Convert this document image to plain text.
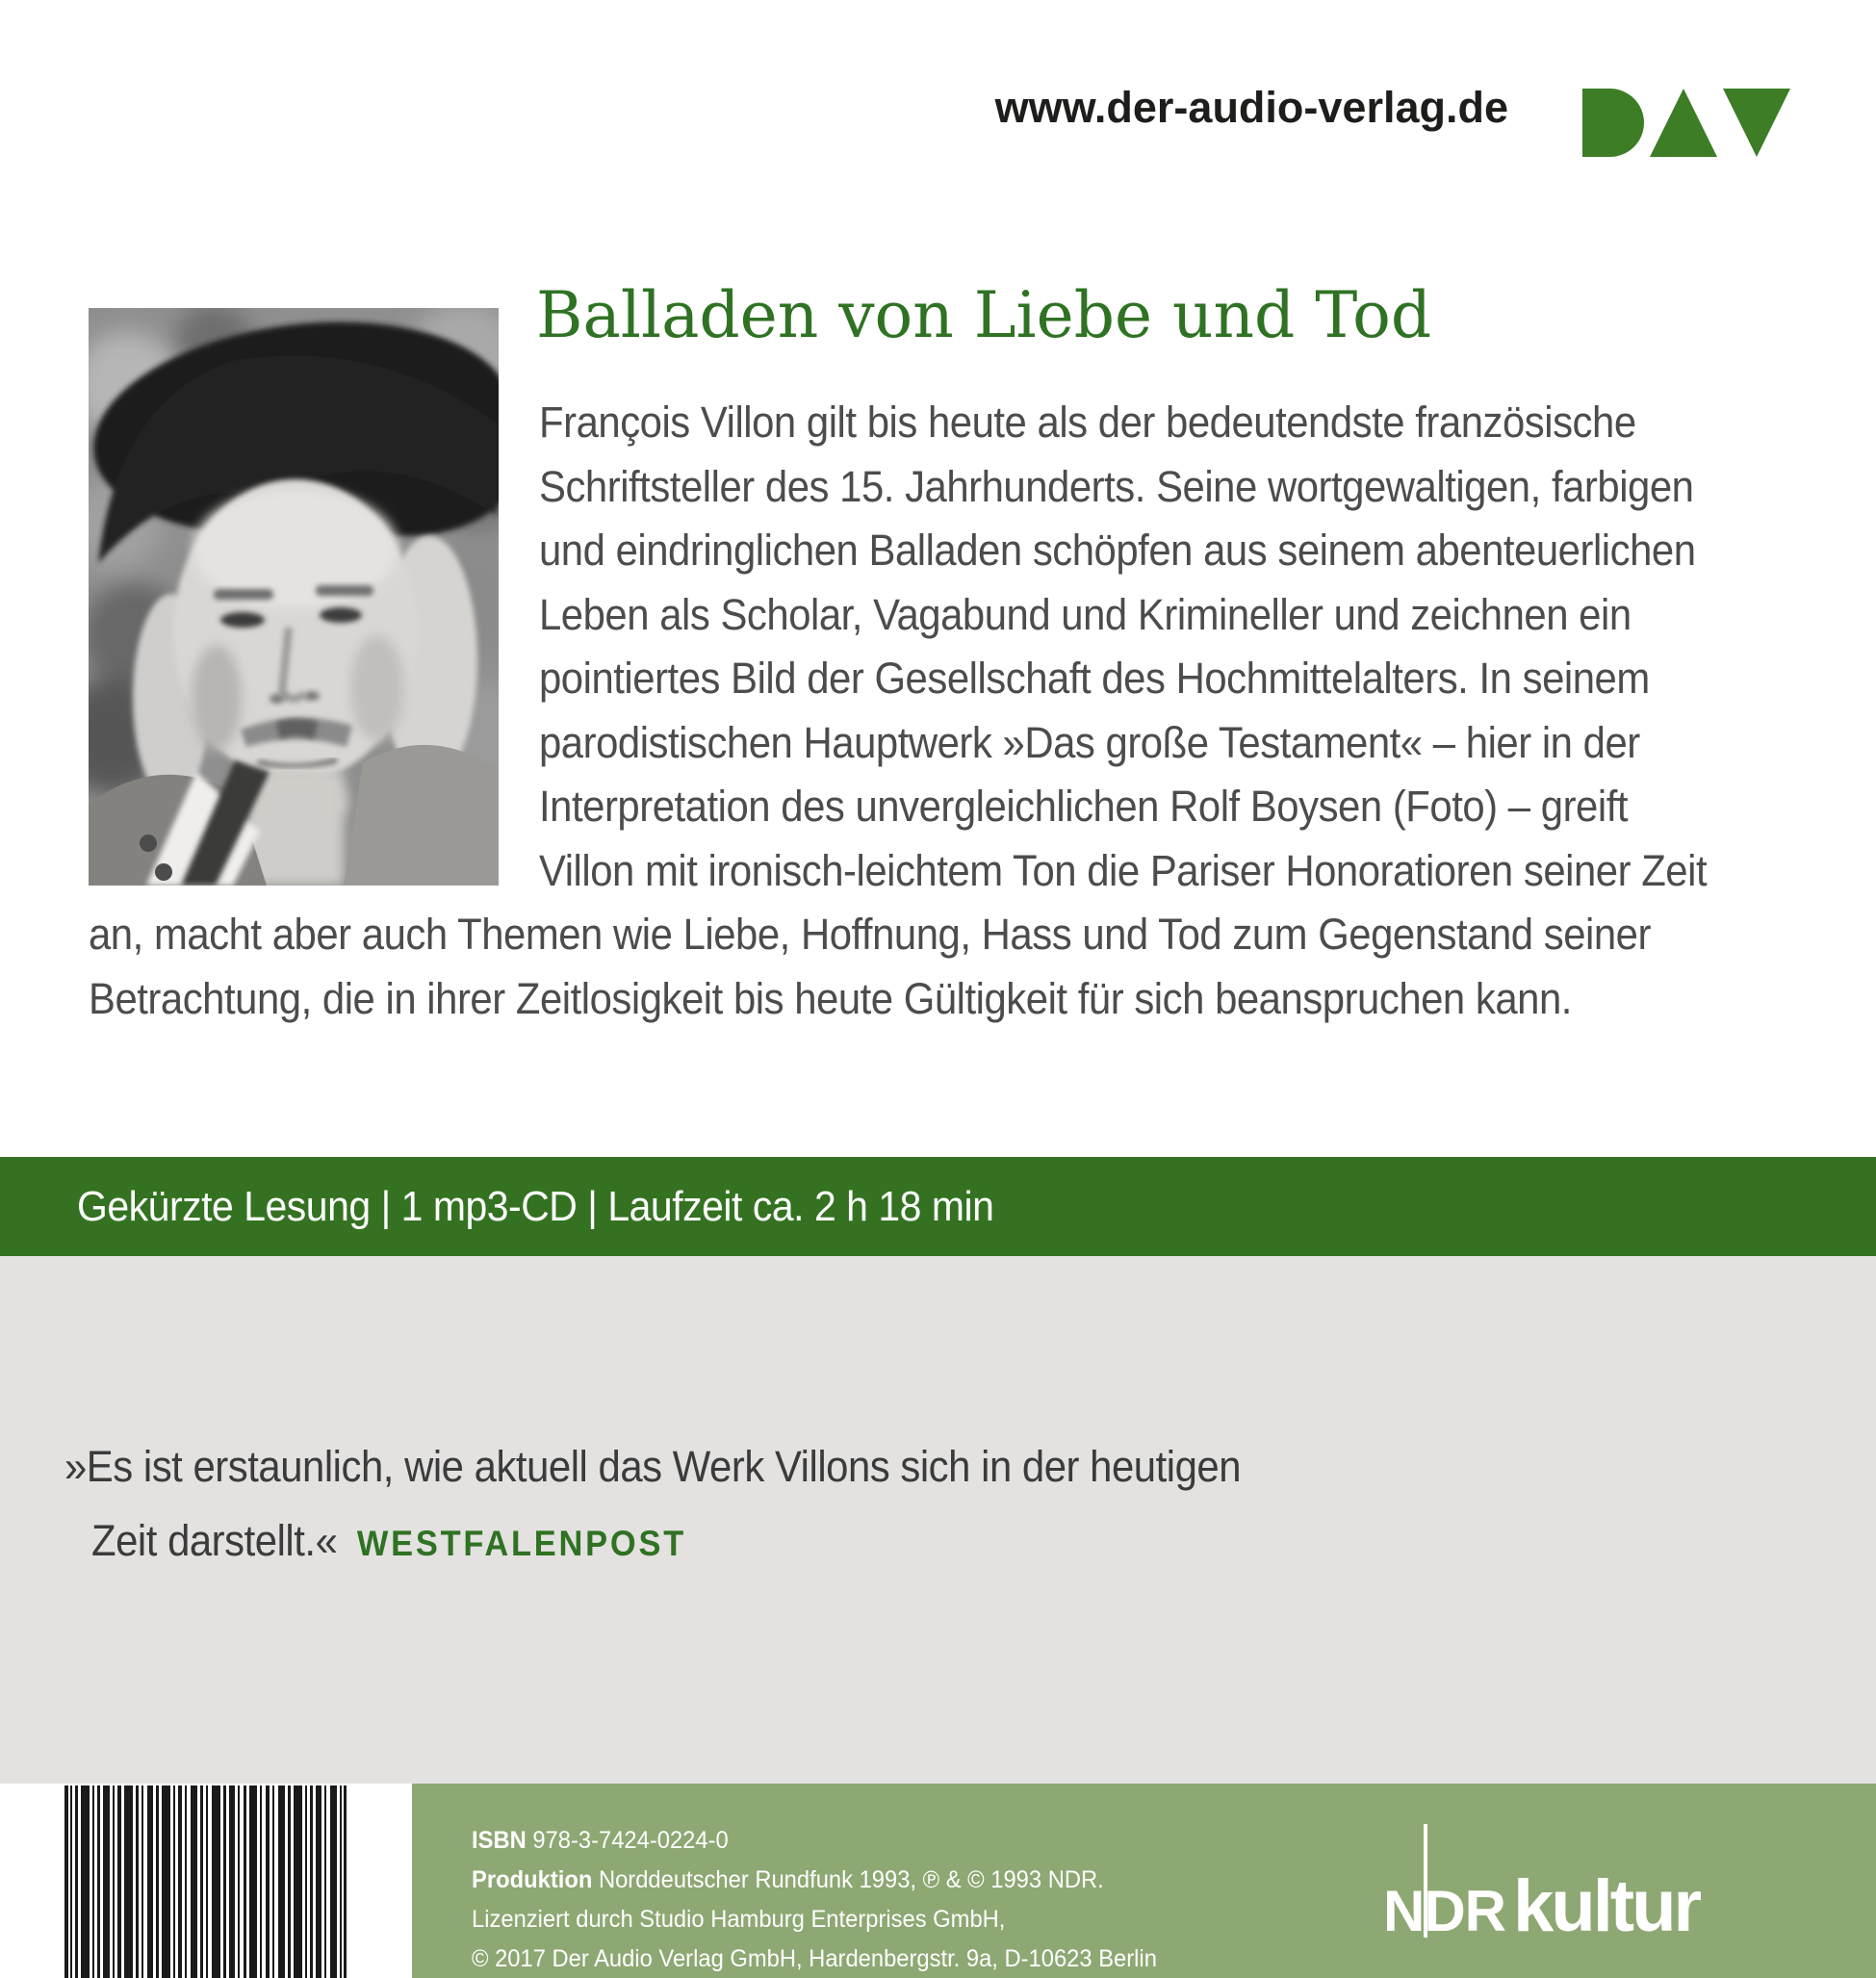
www.der-audio-verlag.de
Balladen von Liebe und Tod
François Villon gilt bis heute als der bedeutendste französische
Schriftsteller des 15. Jahrhunderts. Seine wortgewaltigen, farbigen
und eindringlichen Balladen schöpfen aus seinem abenteuerlichen
Leben als Scholar, Vagabund und Krimineller und zeichnen ein
pointiertes Bild der Gesellschaft des Hochmittelalters. In seinem
parodistischen Hauptwerk »Das große Testament« – hier in der
Interpretation des unvergleichlichen Rolf Boysen (Foto) – greift
Villon mit ironisch-leichtem Ton die Pariser Honoratioren seiner Zeit
an, macht aber auch Themen wie Liebe, Hoffnung, Hass und Tod zum Gegenstand seiner
Betrachtung, die in ihrer Zeitlosigkeit bis heute Gültigkeit für sich beanspruchen kann.
Gekürzte Lesung | 1 mp3-CD | Laufzeit ca. 2 h 18 min
»Es ist erstaunlich, wie aktuell das Werk Villons sich in der heutigen
Zeit darstellt.« WESTFALENPOST
ISBN 978-3-7424-0224-0
Produktion Norddeutscher Rundfunk 1993, ℗ & © 1993 NDR.
Lizenziert durch Studio Hamburg Enterprises GmbH,
© 2017 Der Audio Verlag GmbH, Hardenbergstr. 9a, D-10623 Berlin
NDR kultur
